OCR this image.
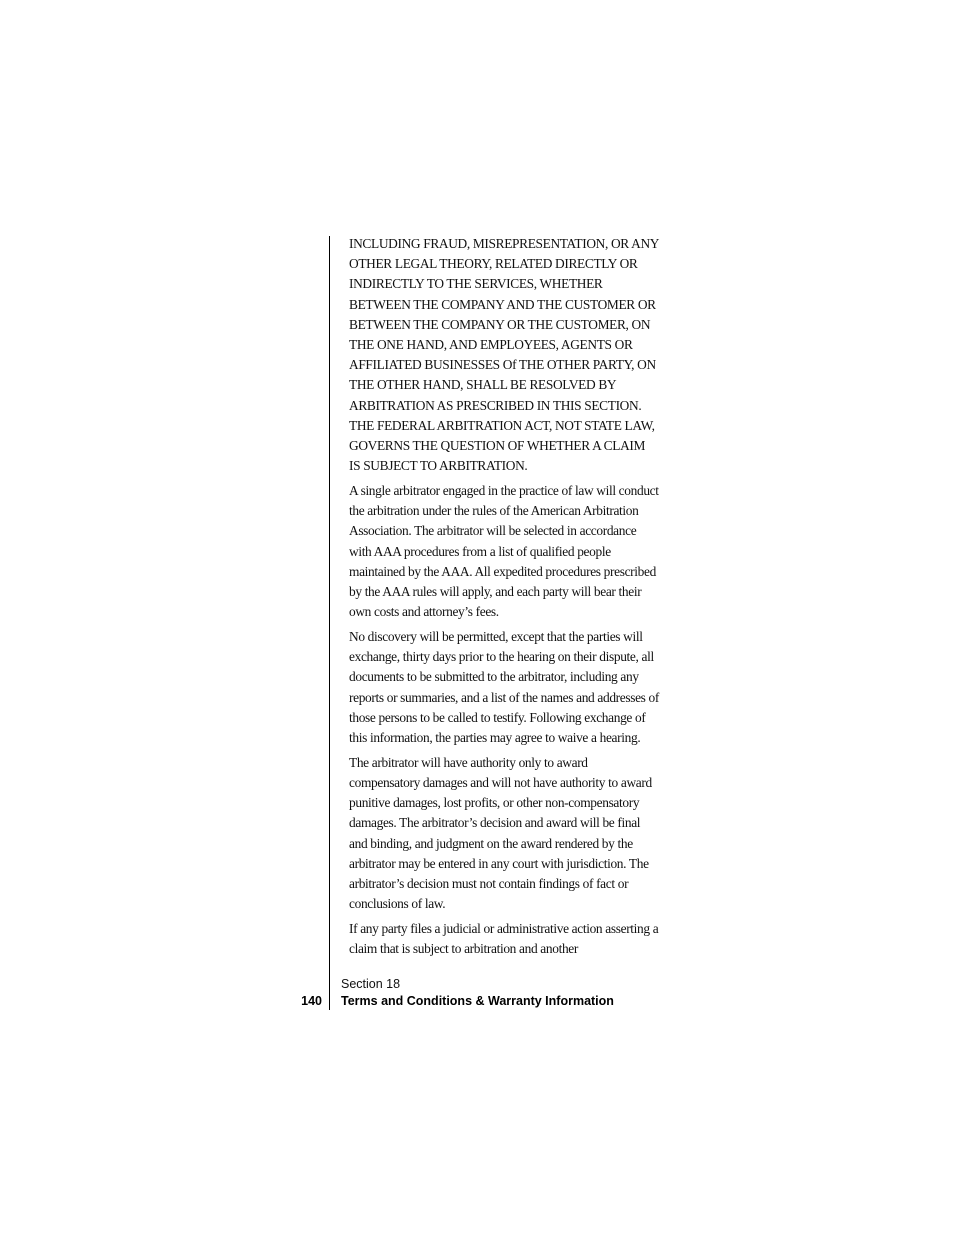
INCLUDING FRAUD, MISREPRESENTATION, OR ANY OTHER LEGAL THEORY, RELATED DIRECTLY OR INDIRECTLY TO THE SERVICES, WHETHER BETWEEN THE COMPANY AND THE CUSTOMER OR BETWEEN THE COMPANY OR THE CUSTOMER, ON THE ONE HAND, AND EMPLOYEES, AGENTS OR AFFILIATED BUSINESSES Of THE OTHER PARTY, ON THE OTHER HAND, SHALL BE RESOLVED BY ARBITRATION AS PRESCRIBED IN THIS SECTION. THE FEDERAL ARBITRATION ACT, NOT STATE LAW, GOVERNS THE QUESTION OF WHETHER A CLAIM IS SUBJECT TO ARBITRATION.

A single arbitrator engaged in the practice of law will conduct the arbitration under the rules of the American Arbitration Association. The arbitrator will be selected in accordance with AAA procedures from a list of qualified people maintained by the AAA. All expedited procedures prescribed by the AAA rules will apply, and each party will bear their own costs and attorney’s fees.

No discovery will be permitted, except that the parties will exchange, thirty days prior to the hearing on their dispute, all documents to be submitted to the arbitrator, including any reports or summaries, and a list of the names and addresses of those persons to be called to testify. Following exchange of this information, the parties may agree to waive a hearing.

The arbitrator will have authority only to award compensatory damages and will not have authority to award punitive damages, lost profits, or other non-compensatory damages. The arbitrator’s decision and award will be final and binding, and judgment on the award rendered by the arbitrator may be entered in any court with jurisdiction. The arbitrator’s decision must not contain findings of fact or conclusions of law.

If any party files a judicial or administrative action asserting a claim that is subject to arbitration and another

Section 18
140 Terms and Conditions & Warranty Information
